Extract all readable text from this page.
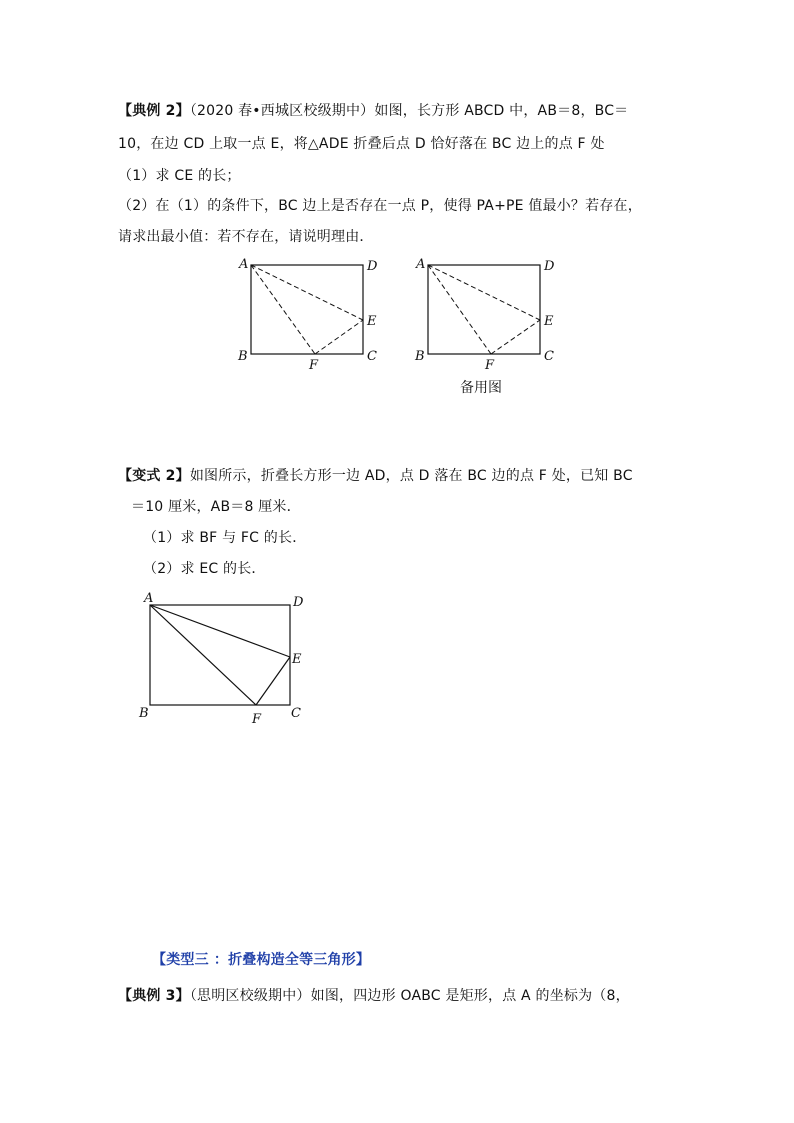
【典例 2】（2020 春•西城区校级期中）如图，长方形 ABCD 中，AB＝8，BC＝
10，在边 CD 上取一点 E，将△ADE 折叠后点 D 恰好落在 BC 边上的点 F 处
（1）求 CE 的长；
（2）在（1）的条件下，BC 边上是否存在一点 P，使得 PA+PE 值最小？若存在，
请求出最小值：若不存在，请说明理由．
【变式 2】如图所示，折叠长方形一边 AD，点 D 落在 BC 边的点 F 处，已知 BC
＝10 厘米，AB＝8 厘米．
（1）求 BF 与 FC 的长．
（2）求 EC 的长．
【类型三 ：折叠构造全等三角形】
【典例 3】（思明区校级期中）如图，四边形 OABC 是矩形，点 A 的坐标为（8，
备用图
A	D
E
B	C
F
A	D
E
B	C
F
A	D
E
B	C
F
